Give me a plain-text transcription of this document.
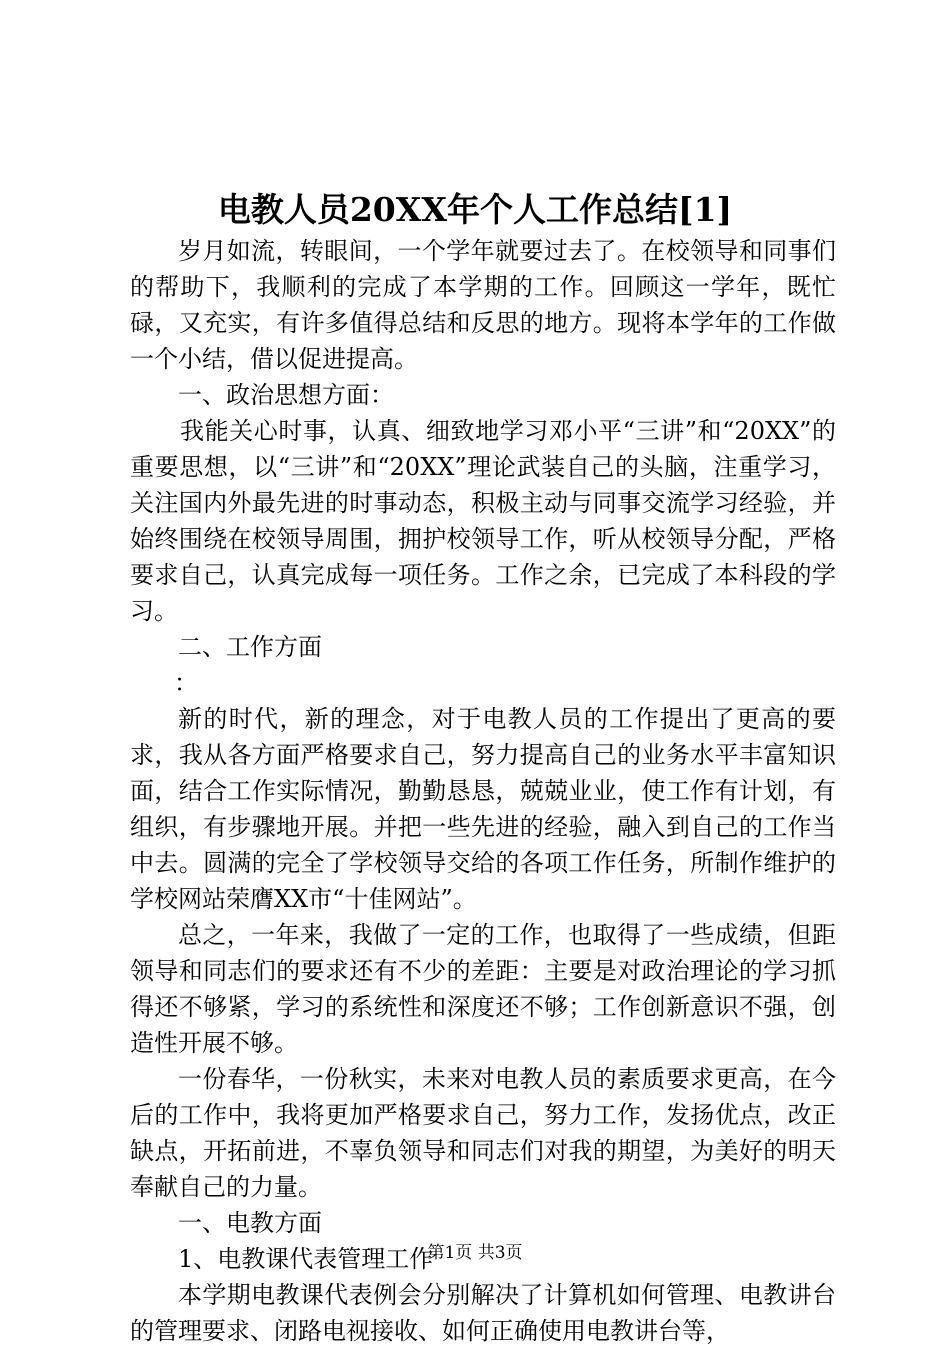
电教人员20XX年个人工作总结[1]

岁月如流，转眼间，一个学年就要过去了。在校领导和同事们的帮助下，我顺利的完成了本学期的工作。回顾这一学年，既忙碌，又充实，有许多值得总结和反思的地方。现将本学年的工作做一个小结，借以促进提高。

一、政治思想方面：

我能关心时事，认真、细致地学习邓小平“三讲”和“20XX”的重要思想，以“三讲”和“20XX”理论武装自己的头脑，注重学习，关注国内外最先进的时事动态，积极主动与同事交流学习经验，并始终围绕在校领导周围，拥护校领导工作，听从校领导分配，严格要求自己，认真完成每一项任务。工作之余，已完成了本科段的学习。

二、工作方面

：

新的时代，新的理念，对于电教人员的工作提出了更高的要求，我从各方面严格要求自己，努力提高自己的业务水平丰富知识面，结合工作实际情况，勤勤恳恳，兢兢业业，使工作有计划，有组织，有步骤地开展。并把一些先进的经验，融入到自己的工作当中去。圆满的完全了学校领导交给的各项工作任务，所制作维护的学校网站荣膺XX市“十佳网站”。

总之，一年来，我做了一定的工作，也取得了一些成绩，但距领导和同志们的要求还有不少的差距：主要是对政治理论的学习抓得还不够紧，学习的系统性和深度还不够；工作创新意识不强，创造性开展不够。

一份春华，一份秋实，未来对电教人员的素质要求更高，在今后的工作中，我将更加严格要求自己，努力工作，发扬优点，改正缺点，开拓前进，不辜负领导和同志们对我的期望，为美好的明天奉献自己的力量。

一、电教方面

1、电教课代表管理工作

本学期电教课代表例会分别解决了计算机如何管理、电教讲台的管理要求、闭路电视接收、如何正确使用电教讲台等，

第1页 共3页
